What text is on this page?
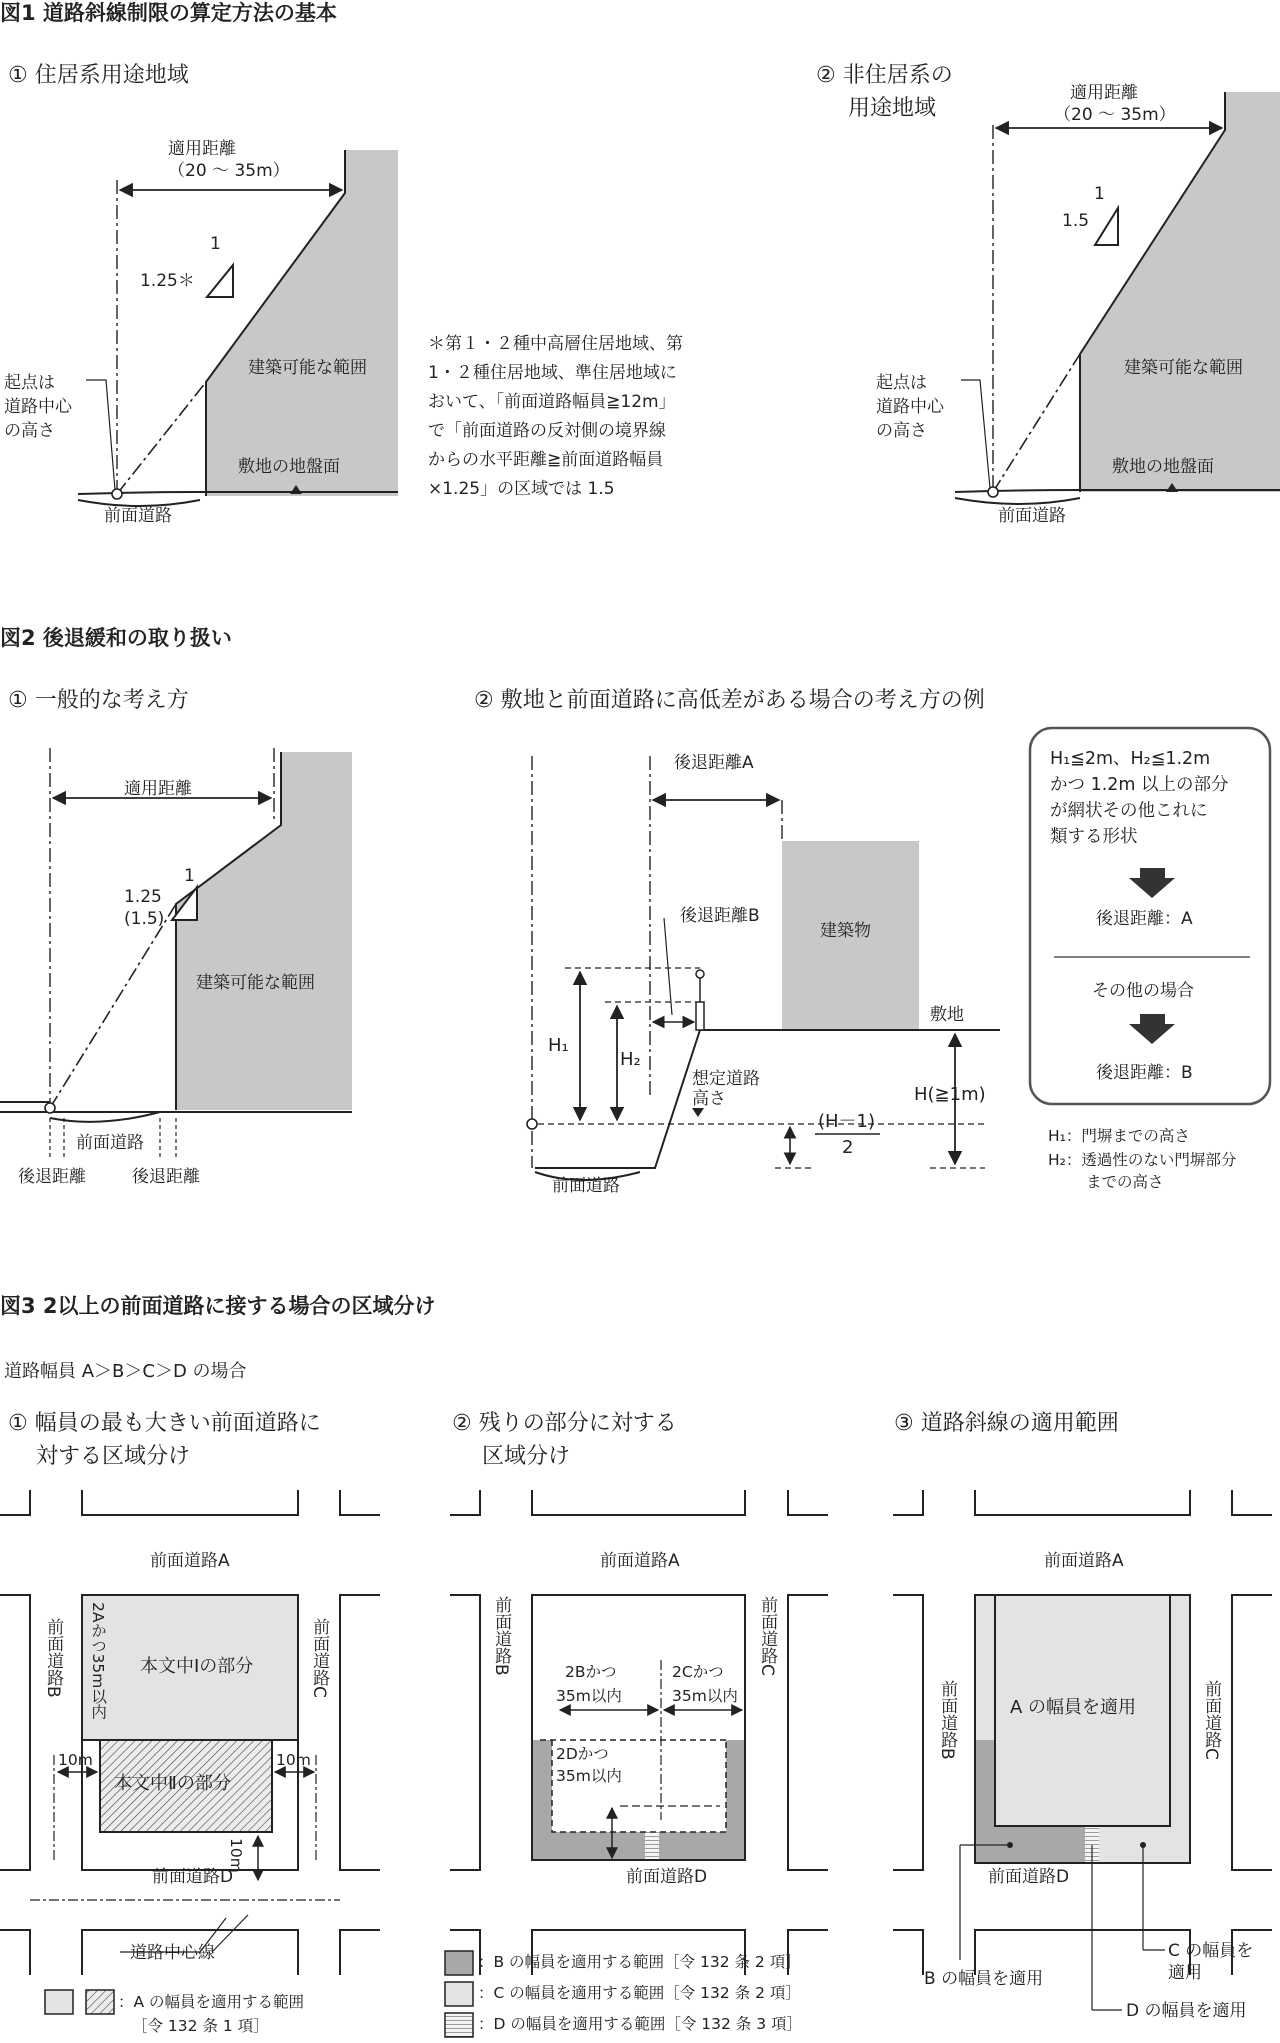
図1 道路斜線制限の算定方法の基本
① 住居系用途地域
適用距離
（20 ～ 35m）
1
1.25＊
建築可能な範囲
敷地の地盤面
前面道路
起点は
道路中心
の高さ
＊第１・２種中高層住居地域、第
1・２種住居地域、準住居地域に
おいて、「前面道路幅員≧12m」
で「前面道路の反対側の境界線
からの水平距離≧前面道路幅員
×1.25」の区域では 1.5
② 非住居系の
用途地域
適用距離
（20 ～ 35m）
1
1.5
建築可能な範囲
敷地の地盤面
前面道路
起点は
道路中心
の高さ
図2 後退緩和の取り扱い
① 一般的な考え方
適用距離
1
1.25
(1.5)
建築可能な範囲
前面道路
後退距離	後退距離
② 敷地と前面道路に高低差がある場合の考え方の例
後退距離A
後退距離B
建築物
敷地
H₁
H₂
想定道路
高さ	H(≧1m)
(H－1)
2
前面道路
H₁≦2m、H₂≦1.2m
かつ 1.2m 以上の部分
が網状その他これに
類する形状
後退距離：A
その他の場合
後退距離：B
H₁：門塀までの高さ
H₂：透過性のない門塀部分
までの高さ
図3 2以上の前面道路に接する場合の区域分け
道路幅員 A＞B＞C＞D の場合
① 幅員の最も大きい前面道路に
対する区域分け
前面道路A
前面道路B	前面道路C
前面道路D
2Aかつ35m以内 本文中Ⅰの部分
本文中Ⅱの部分
10m	10m
10m
道路中心線
② 残りの部分に対する
区域分け
前面道路A
前面道路B	前面道路C
前面道路D
2Bかつ
35m以内
2Cかつ
35m以内
2Dかつ
35m以内
③ 道路斜線の適用範囲
前面道路A
前面道路B	前面道路C
前面道路D
A の幅員を適用
B の幅員を適用
C の幅員を
適用
D の幅員を適用
：A の幅員を適用する範囲
［令 132 条 1 項］
：B の幅員を適用する範囲［令 132 条 2 項］
：C の幅員を適用する範囲［令 132 条 2 項］
：D の幅員を適用する範囲［令 132 条 3 項］
